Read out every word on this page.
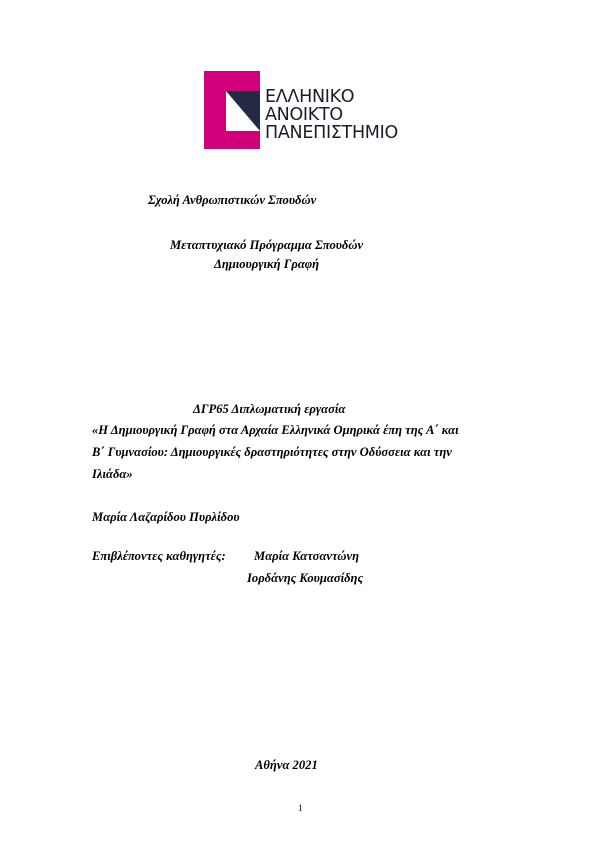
ΕΛΛΗΝΙΚΟ
ΑΝΟΙΚΤΟ
ΠΑΝΕΠΙΣΤΗΜΙΟ
Σχολή Ανθρωπιστικών Σπουδών
Μεταπτυχιακό Πρόγραμμα Σπουδών
Δημιουργική Γραφή
ΔΓΡ65 Διπλωματική εργασία
«Η Δημιουργική Γραφή στα Αρχαία Ελληνικά Ομηρικά έπη της Α΄ και
Β΄ Γυμνασίου: Δημιουργικές δραστηριότητες στην Οδύσσεια και την
Ιλιάδα»
Μαρία Λαζαρίδου Πυρλίδου
Επιβλέποντες καθηγητές: Μαρία Κατσαντώνη
Ιορδάνης Κουμασίδης
Αθήνα 2021
1
